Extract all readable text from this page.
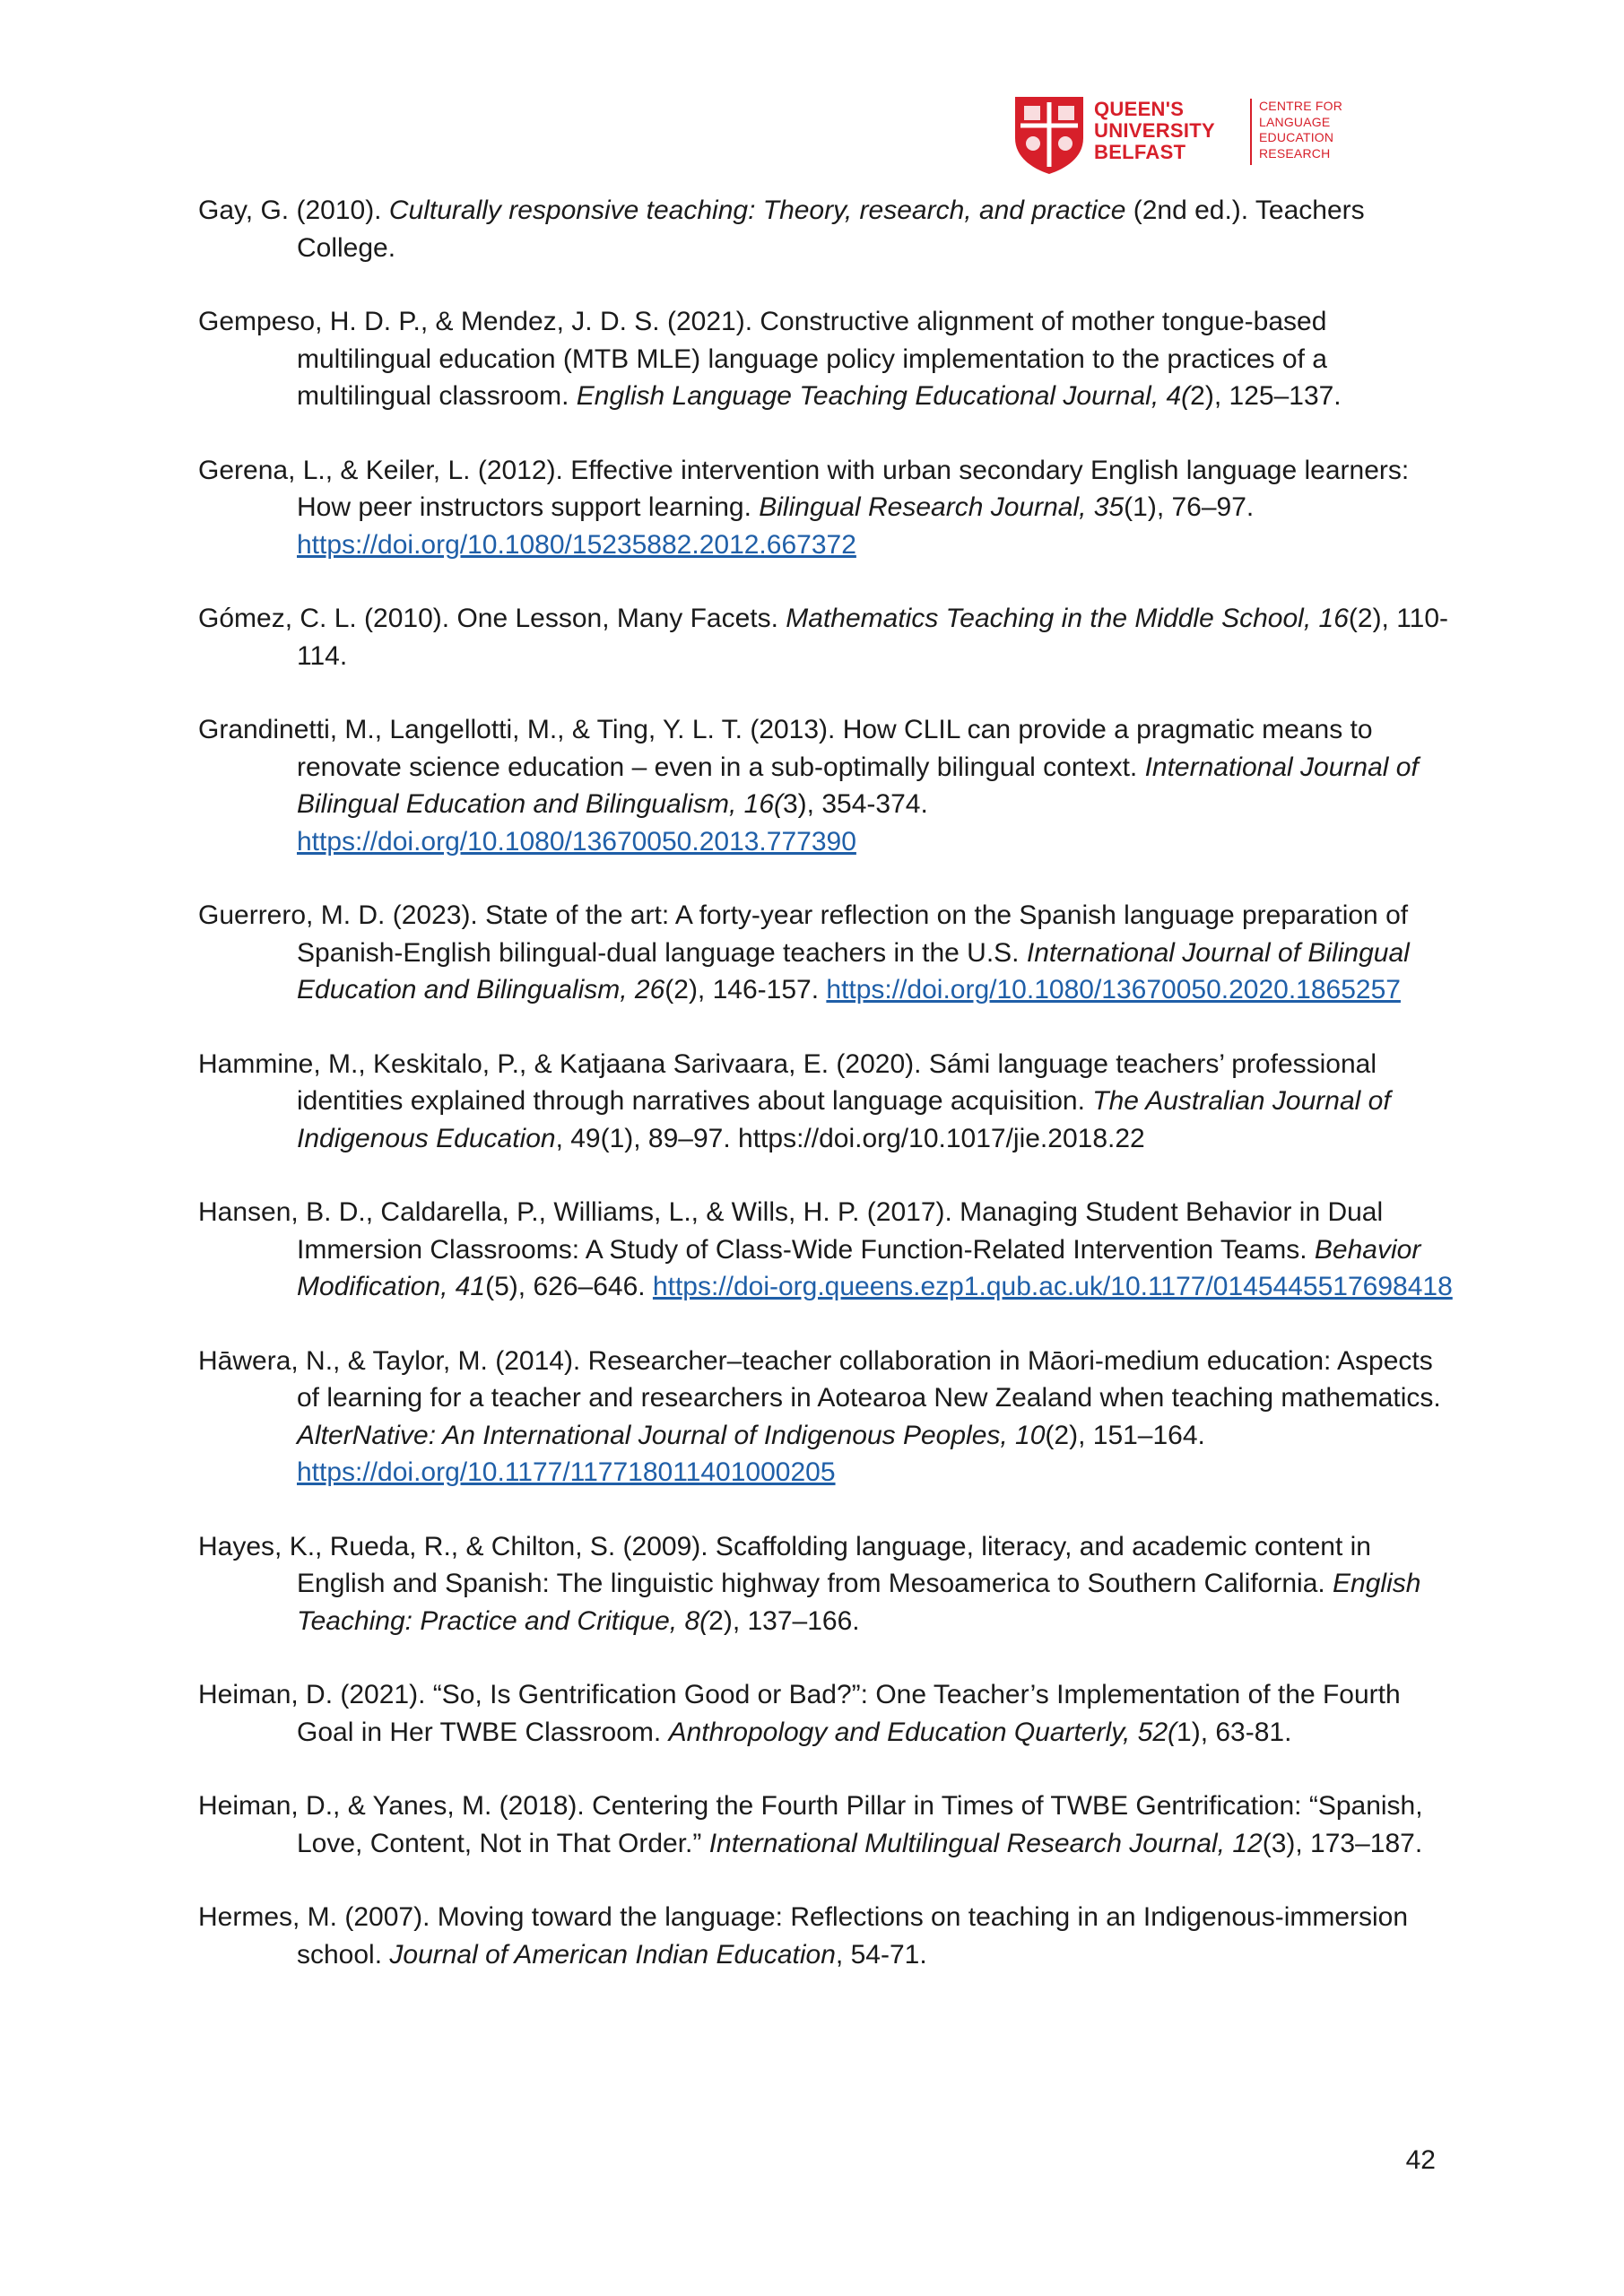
QUEEN'S
UNIVERSITY
BELFAST
CENTRE FOR
LANGUAGE
EDUCATION
RESEARCH

Gay, G. (2010). Culturally responsive teaching: Theory, research, and practice (2nd ed.). Teachers College.

Gempeso, H. D. P., & Mendez, J. D. S. (2021). Constructive alignment of mother tongue-based multilingual education (MTB MLE) language policy implementation to the practices of a multilingual classroom. English Language Teaching Educational Journal, 4(2), 125–137.

Gerena, L., & Keiler, L. (2012). Effective intervention with urban secondary English language learners: How peer instructors support learning. Bilingual Research Journal, 35(1), 76–97. https://doi.org/10.1080/15235882.2012.667372

Gómez, C. L. (2010). One Lesson, Many Facets. Mathematics Teaching in the Middle School, 16(2), 110-114.

Grandinetti, M., Langellotti, M., & Ting, Y. L. T. (2013). How CLIL can provide a pragmatic means to renovate science education – even in a sub-optimally bilingual context. International Journal of Bilingual Education and Bilingualism, 16(3), 354-374. https://doi.org/10.1080/13670050.2013.777390

Guerrero, M. D. (2023). State of the art: A forty-year reflection on the Spanish language preparation of Spanish-English bilingual-dual language teachers in the U.S. International Journal of Bilingual Education and Bilingualism, 26(2), 146-157. https://doi.org/10.1080/13670050.2020.1865257

Hammine, M., Keskitalo, P., & Katjaana Sarivaara, E. (2020). Sámi language teachers’ professional identities explained through narratives about language acquisition. The Australian Journal of Indigenous Education, 49(1), 89–97. https://doi.org/10.1017/jie.2018.22

Hansen, B. D., Caldarella, P., Williams, L., & Wills, H. P. (2017). Managing Student Behavior in Dual Immersion Classrooms: A Study of Class-Wide Function-Related Intervention Teams. Behavior Modification, 41(5), 626–646. https://doi-org.queens.ezp1.qub.ac.uk/10.1177/0145445517698418

Hāwera, N., & Taylor, M. (2014). Researcher–teacher collaboration in Māori-medium education: Aspects of learning for a teacher and researchers in Aotearoa New Zealand when teaching mathematics. AlterNative: An International Journal of Indigenous Peoples, 10(2), 151–164. https://doi.org/10.1177/117718011401000205

Hayes, K., Rueda, R., & Chilton, S. (2009). Scaffolding language, literacy, and academic content in English and Spanish: The linguistic highway from Mesoamerica to Southern California. English Teaching: Practice and Critique, 8(2), 137–166.

Heiman, D. (2021). “So, Is Gentrification Good or Bad?”: One Teacher’s Implementation of the Fourth Goal in Her TWBE Classroom. Anthropology and Education Quarterly, 52(1), 63-81.

Heiman, D., & Yanes, M. (2018). Centering the Fourth Pillar in Times of TWBE Gentrification: “Spanish, Love, Content, Not in That Order.” International Multilingual Research Journal, 12(3), 173–187.

Hermes, M. (2007). Moving toward the language: Reflections on teaching in an Indigenous-immersion school. Journal of American Indian Education, 54-71.

42
